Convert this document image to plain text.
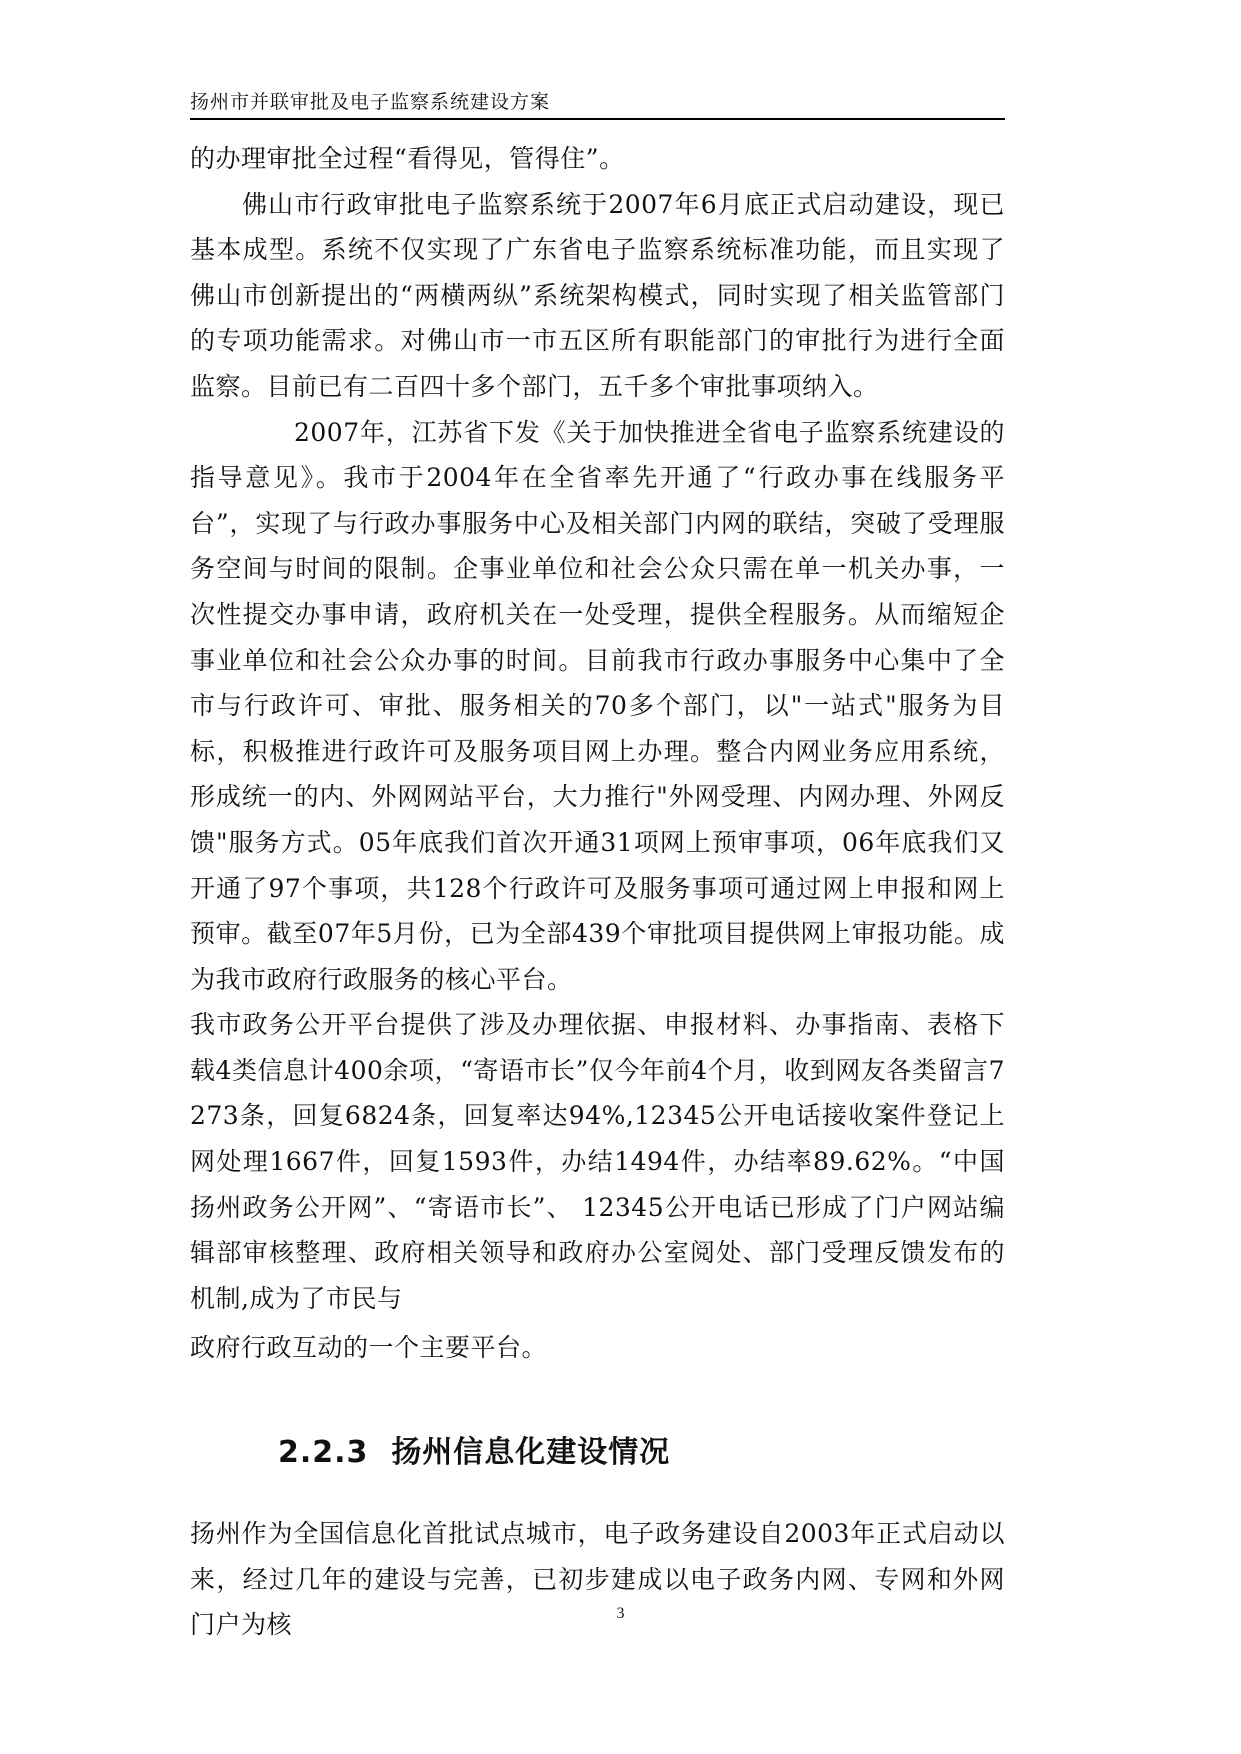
扬州市并联审批及电子监察系统建设方案

的办理审批全过程“看得见，管得住”。

佛山市行政审批电子监察系统于2007年6月底正式启动建设，现已基本成型。系统不仅实现了广东省电子监察系统标准功能，而且实现了佛山市创新提出的“两横两纵”系统架构模式，同时实现了相关监管部门的专项功能需求。对佛山市一市五区所有职能部门的审批行为进行全面监察。目前已有二百四十多个部门，五千多个审批事项纳入。

2007年，江苏省下发《关于加快推进全省电子监察系统建设的指导意见》。我市于2004年在全省率先开通了“行政办事在线服务平台”，实现了与行政办事服务中心及相关部门内网的联结，突破了受理服务空间与时间的限制。企事业单位和社会公众只需在单一机关办事，一次性提交办事申请，政府机关在一处受理，提供全程服务。从而缩短企事业单位和社会公众办事的时间。目前我市行政办事服务中心集中了全市与行政许可、审批、服务相关的70多个部门，以"一站式"服务为目标，积极推进行政许可及服务项目网上办理。整合内网业务应用系统，形成统一的内、外网网站平台，大力推行"外网受理、内网办理、外网反馈"服务方式。05年底我们首次开通31项网上预审事项，06年底我们又开通了97个事项，共128个行政许可及服务事项可通过网上申报和网上预审。截至07年5月份，已为全部439个审批项目提供网上审报功能。成为我市政府行政服务的核心平台。

我市政务公开平台提供了涉及办理依据、申报材料、办事指南、表格下载4类信息计400余项，“寄语市长”仅今年前4个月，收到网友各类留言7273条，回复6824条，回复率达94%,12345公开电话接收案件登记上网处理1667件，回复1593件，办结1494件，办结率89.62%。“中国扬州政务公开网”、“寄语市长”、 12345公开电话已形成了门户网站编辑部审核整理、政府相关领导和政府办公室阅处、部门受理反馈发布的机制,成为了市民与

政府行政互动的一个主要平台。

2.2.3 扬州信息化建设情况

扬州作为全国信息化首批试点城市，电子政务建设自2003年正式启动以来，经过几年的建设与完善，已初步建成以电子政务内网、专网和外网门户为核	3
